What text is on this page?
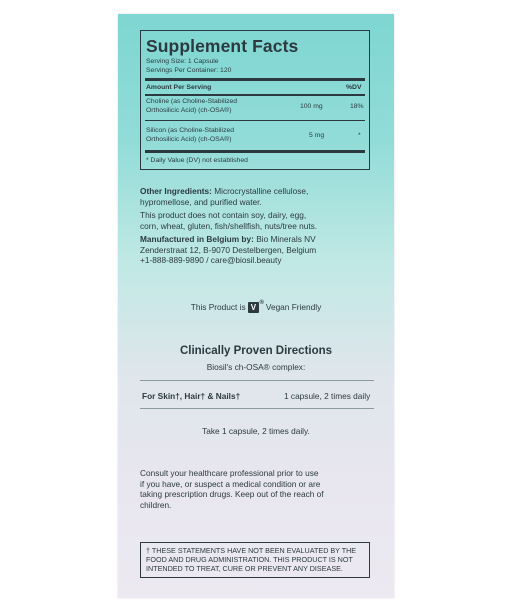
Supplement Facts
Serving Size: 1 Capsule
Servings Per Container: 120
Amount Per Serving	%DV
Choline (as Choline-Stabilized
Orthosilicic Acid) (ch-OSA®)
100 mg	18%
Silicon (as Choline-Stabilized
Orthosilicic Acid) (ch-OSA®)
5 mg	*
* Daily Value (DV) not established
Other Ingredients: Microcrystalline cellulose,
hypromellose, and purified water.
This product does not contain soy, dairy, egg,
corn, wheat, gluten, fish/shellfish, nuts/tree nuts.
Manufactured in Belgium by: Bio Minerals NV
Zenderstraat 12, B-9070 Destelbergen, Belgium
+1-888-889-9890 / care@biosil.beauty
This Product is V ® Vegan Friendly
Clinically Proven Directions
Biosil's ch-OSA® complex:
For Skin†, Hair† & Nails†	1 capsule, 2 times daily
Take 1 capsule, 2 times daily.
Consult your healthcare professional prior to use
if you have, or suspect a medical condition or are
taking prescription drugs. Keep out of the reach of
children.
† THESE STATEMENTS HAVE NOT BEEN EVALUATED BY THE
FOOD AND DRUG ADMINISTRATION. THIS PRODUCT IS NOT
INTENDED TO TREAT, CURE OR PREVENT ANY DISEASE.
